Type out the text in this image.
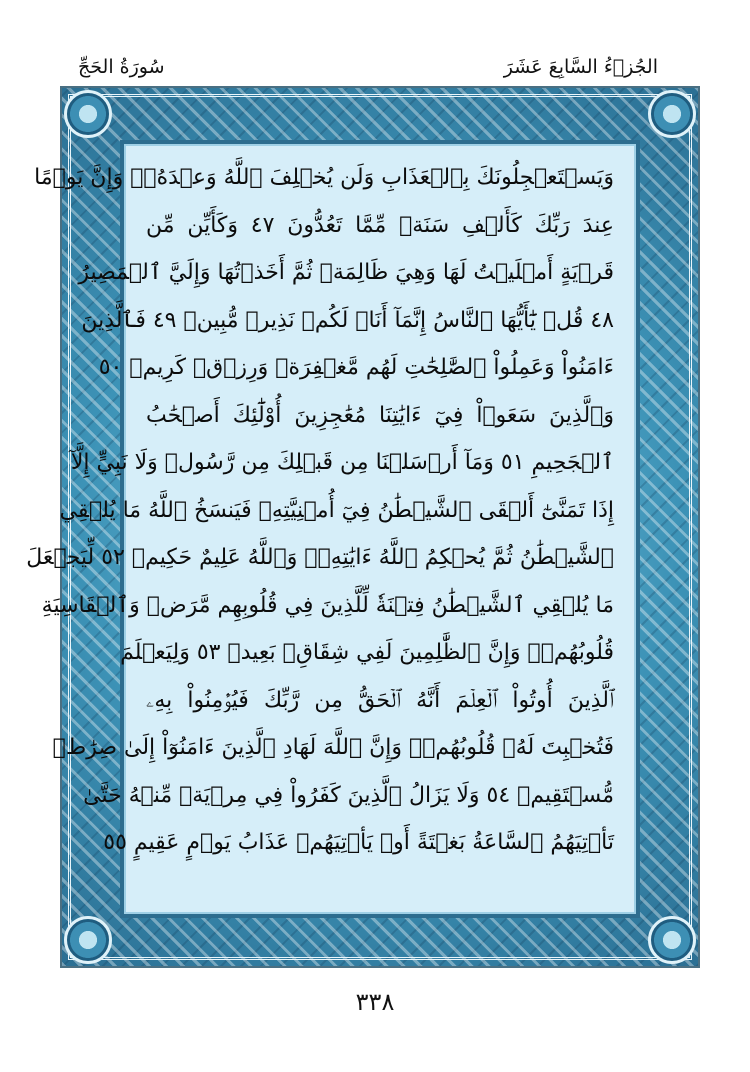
الجُزۡءُ السَّابِعَ عَشَرَ
سُورَةُ الحَجِّ
وَيَسۡتَعۡجِلُونَكَ بِٱلۡعَذَابِ وَلَن يُخۡلِفَ ٱللَّهُ وَعۡدَهُۥۚ وَإِنَّ يَوۡمًا
عِندَ رَبِّكَ كَأَلۡفِ سَنَةٖ مِّمَّا تَعُدُّونَ ٤٧ وَكَأَيِّن مِّن
قَرۡيَةٍ أَمۡلَيۡتُ لَهَا وَهِيَ ظَالِمَةٞ ثُمَّ أَخَذۡتُهَا وَإِلَيَّ ٱلۡمَصِيرُ
٤٨ قُلۡ يَٰٓأَيُّهَا ٱلنَّاسُ إِنَّمَآ أَنَا۠ لَكُمۡ نَذِيرٞ مُّبِينٞ ٤٩ فَٱلَّذِينَ
ءَامَنُواْ وَعَمِلُواْ ٱلصَّٰلِحَٰتِ لَهُم مَّغۡفِرَةٞ وَرِزۡقٞ كَرِيمٞ ٥٠
وَٱلَّذِينَ سَعَوۡاْ فِيٓ ءَايَٰتِنَا مُعَٰجِزِينَ أُوْلَٰٓئِكَ أَصۡحَٰبُ
ٱلۡجَحِيمِ ٥١ وَمَآ أَرۡسَلۡنَا مِن قَبۡلِكَ مِن رَّسُولٖ وَلَا نَبِيٍّ إِلَّآ
إِذَا تَمَنَّىٰٓ أَلۡقَى ٱلشَّيۡطَٰنُ فِيٓ أُمۡنِيَّتِهِۦ فَيَنسَخُ ٱللَّهُ مَا يُلۡقِي
ٱلشَّيۡطَٰنُ ثُمَّ يُحۡكِمُ ٱللَّهُ ءَايَٰتِهِۦۗ وَٱللَّهُ عَلِيمٌ حَكِيمٞ ٥٢ لِّيَجۡعَلَ
مَا يُلۡقِي ٱلشَّيۡطَٰنُ فِتۡنَةٗ لِّلَّذِينَ فِي قُلُوبِهِم مَّرَضٞ وَٱلۡقَاسِيَةِ
قُلُوبُهُمۡۗ وَإِنَّ ٱلظَّٰلِمِينَ لَفِي شِقَاقِۭ بَعِيدٖ ٥٣ وَلِيَعۡلَمَ
ٱلَّذِينَ أُوتُواْ ٱلۡعِلۡمَ أَنَّهُ ٱلۡحَقُّ مِن رَّبِّكَ فَيُؤۡمِنُواْ بِهِۦ
فَتُخۡبِتَ لَهُۥ قُلُوبُهُمۡۗ وَإِنَّ ٱللَّهَ لَهَادِ ٱلَّذِينَ ءَامَنُوٓاْ إِلَىٰ صِرَٰطٖ
مُّسۡتَقِيمٖ ٥٤ وَلَا يَزَالُ ٱلَّذِينَ كَفَرُواْ فِي مِرۡيَةٖ مِّنۡهُ حَتَّىٰ
تَأۡتِيَهُمُ ٱلسَّاعَةُ بَغۡتَةً أَوۡ يَأۡتِيَهُمۡ عَذَابُ يَوۡمٍ عَقِيمٍ ٥٥
٣٣٨
